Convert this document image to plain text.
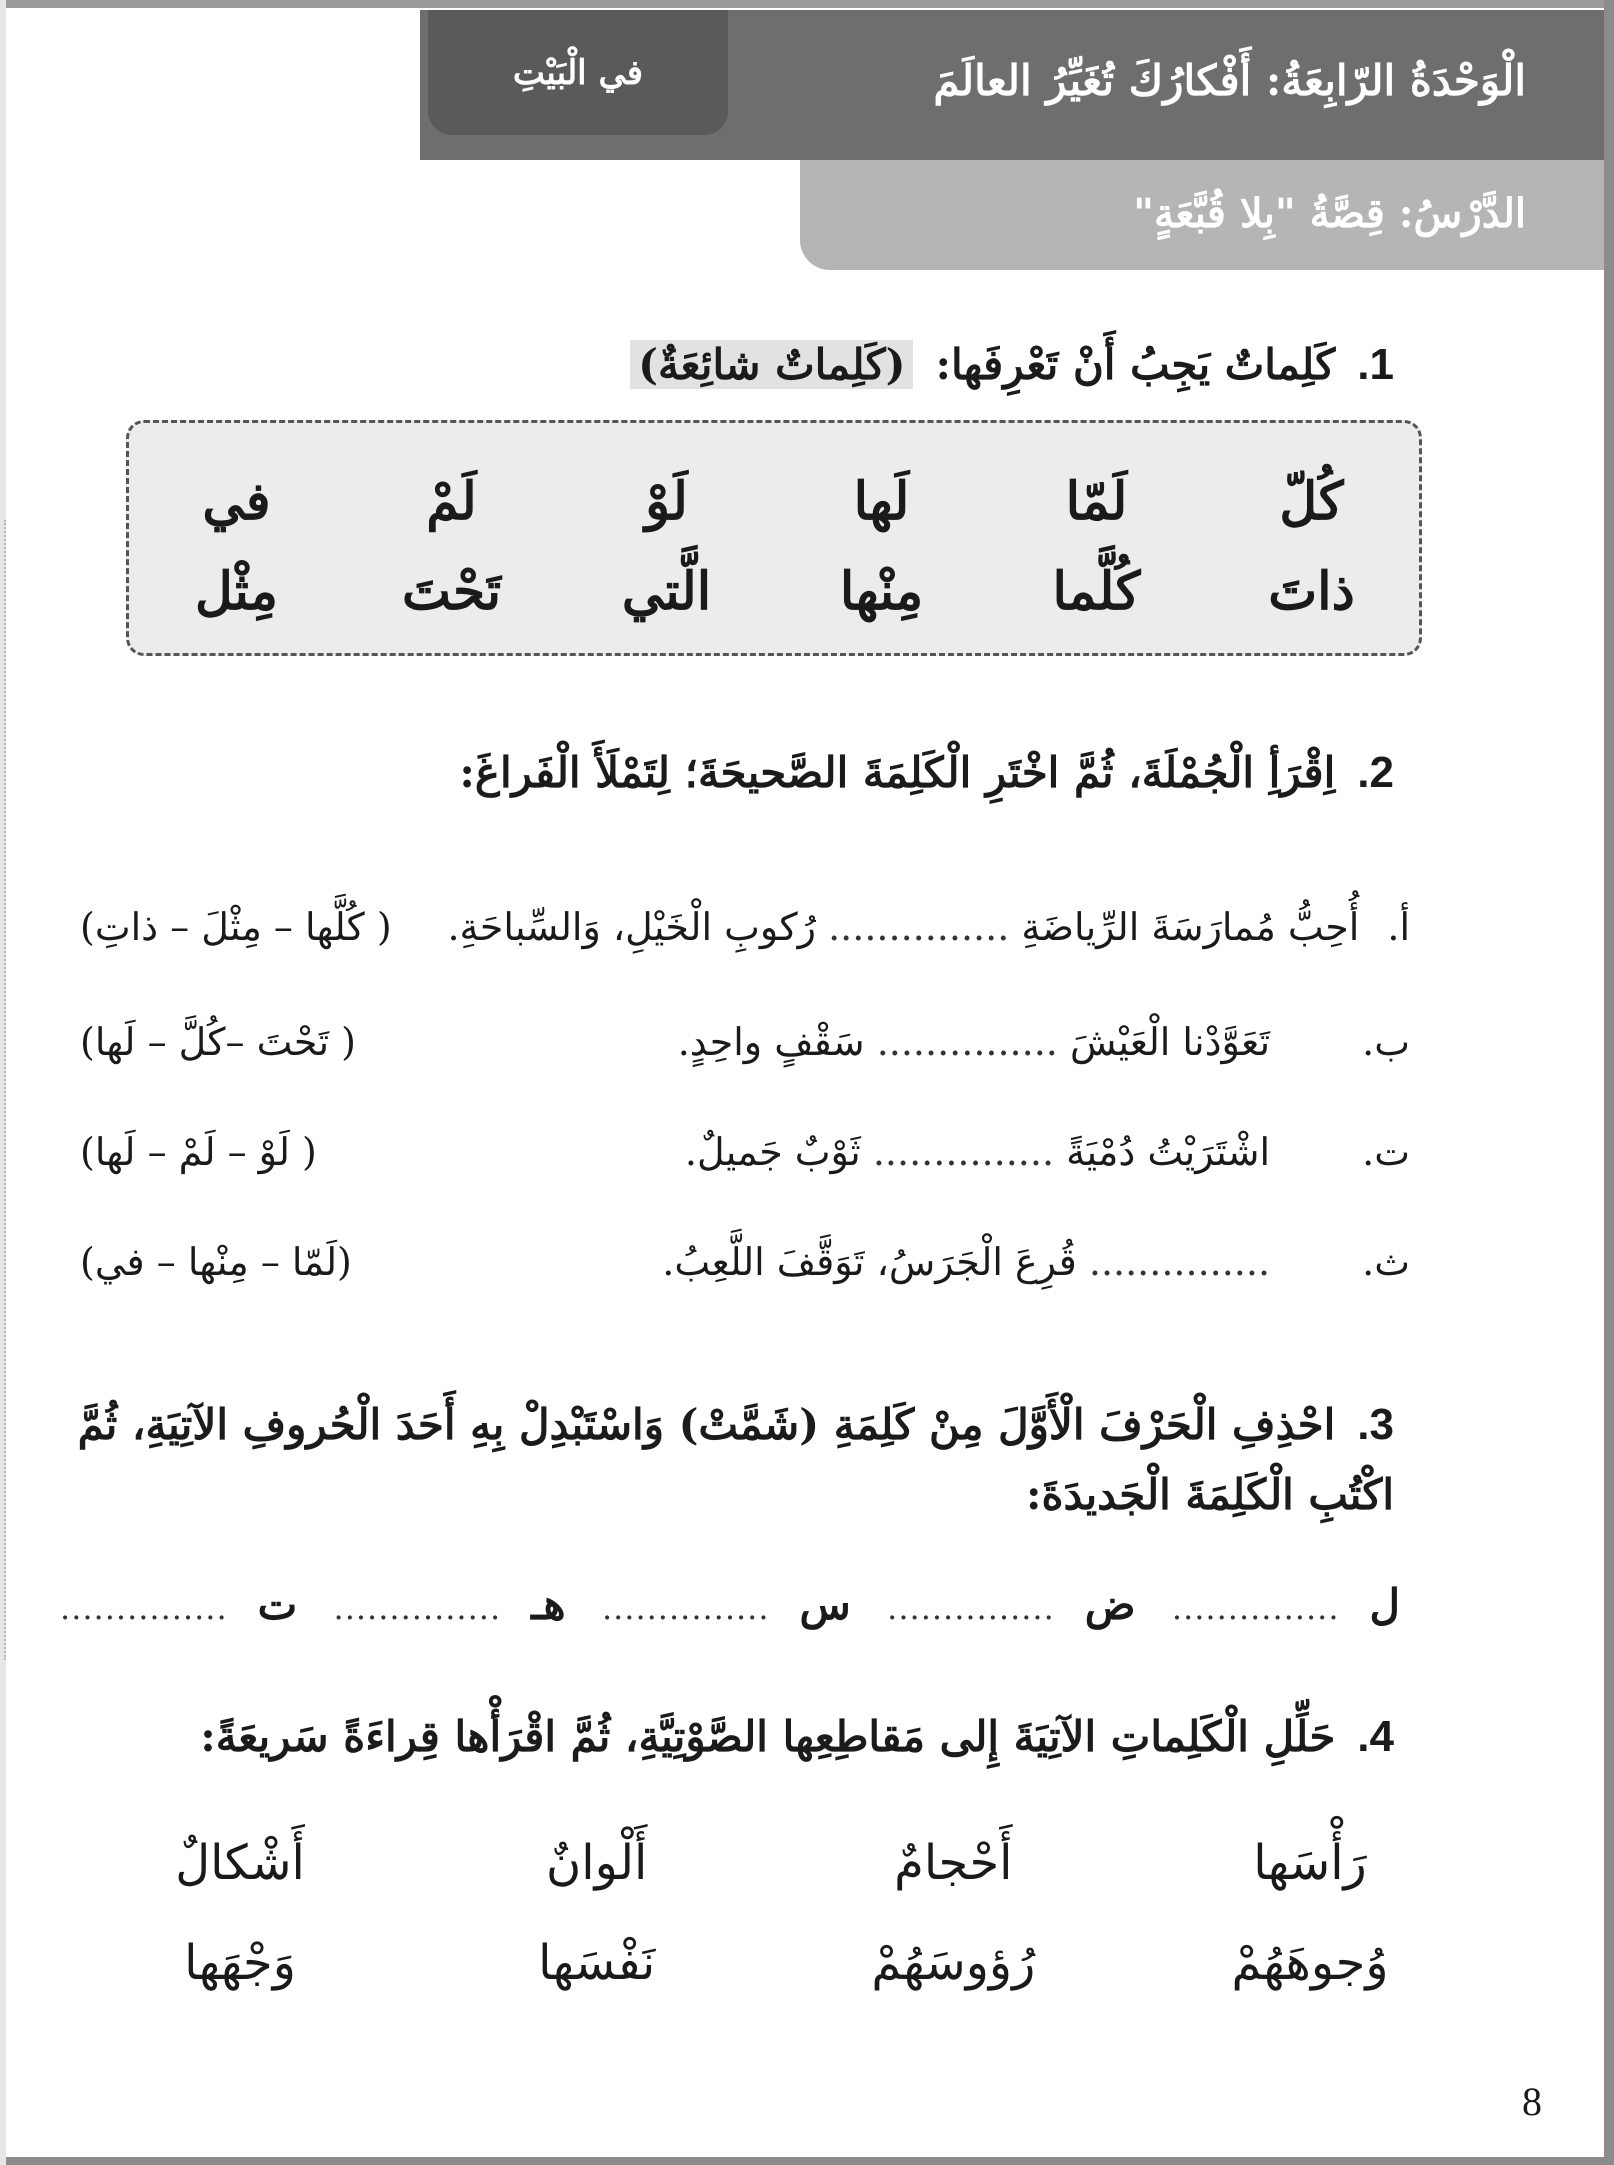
في الْبَيْتِ	الْوَحْدَةُ الرّابِعَةُ: أَفْكارُكَ تُغَيِّرُ العالَمَ
الدَّرْسُ: قِصَّةُ "بِلا قُبَّعَةٍ"
1.
كَلِماتٌ يَجِبُ أَنْ تَعْرِفَها:
(كَلِماتٌ شائِعَةٌ)
في	لَمْ	لَوْ	لَها	لَمّا	كُلّ
مِثْل	تَحْتَ	الَّتي	مِنْها	كُلَّما	ذاتَ
2.
اِقْرَأِ الْجُمْلَةَ، ثُمَّ اخْتَرِ الْكَلِمَةَ الصَّحيحَةَ؛ لِتَمْلَأَ الْفَراغَ:
أ. أُحِبُّ مُمارَسَةَ الرِّياضَةِ ............... رُكوبِ الْخَيْلِ، وَالسِّباحَةِ.
( كُلَّها – مِثْلَ – ذاتِ)
ب. تَعَوَّدْنا الْعَيْشَ ............... سَقْفٍ واحِدٍ.
( تَحْتَ –كُلَّ – لَها)
ت. اشْتَرَيْتُ دُمْيَةً ............... ثَوْبٌ جَميلٌ.
( لَوْ – لَمْ – لَها)
ث. ............... قُرِعَ الْجَرَسُ، تَوَقَّفَ اللَّعِبُ.
(لَمّا – مِنْها – في)
3.
احْذِفِ الْحَرْفَ الْأَوَّلَ مِنْ كَلِمَةِ (شَمَّتْ) وَاسْتَبْدِلْ بِهِ أَحَدَ الْحُروفِ الآتِيَةِ، ثُمَّ
اكْتُبِ الْكَلِمَةَ الْجَديدَةَ:
ت
...............	هـ
...............	س
...............	ض
...............	ل
...............
4.
حَلِّلِ الْكَلِماتِ الآتِيَةَ إِلى مَقاطِعِها الصَّوْتِيَّةِ، ثُمَّ اقْرَأْها قِراءَةً سَريعَةً:
أَشْكالٌ	أَلْوانٌ	أَحْجامٌ	رَأْسَها
وَجْهَها	نَفْسَها	رُؤوسَهُمْ	وُجوهَهُمْ
8
